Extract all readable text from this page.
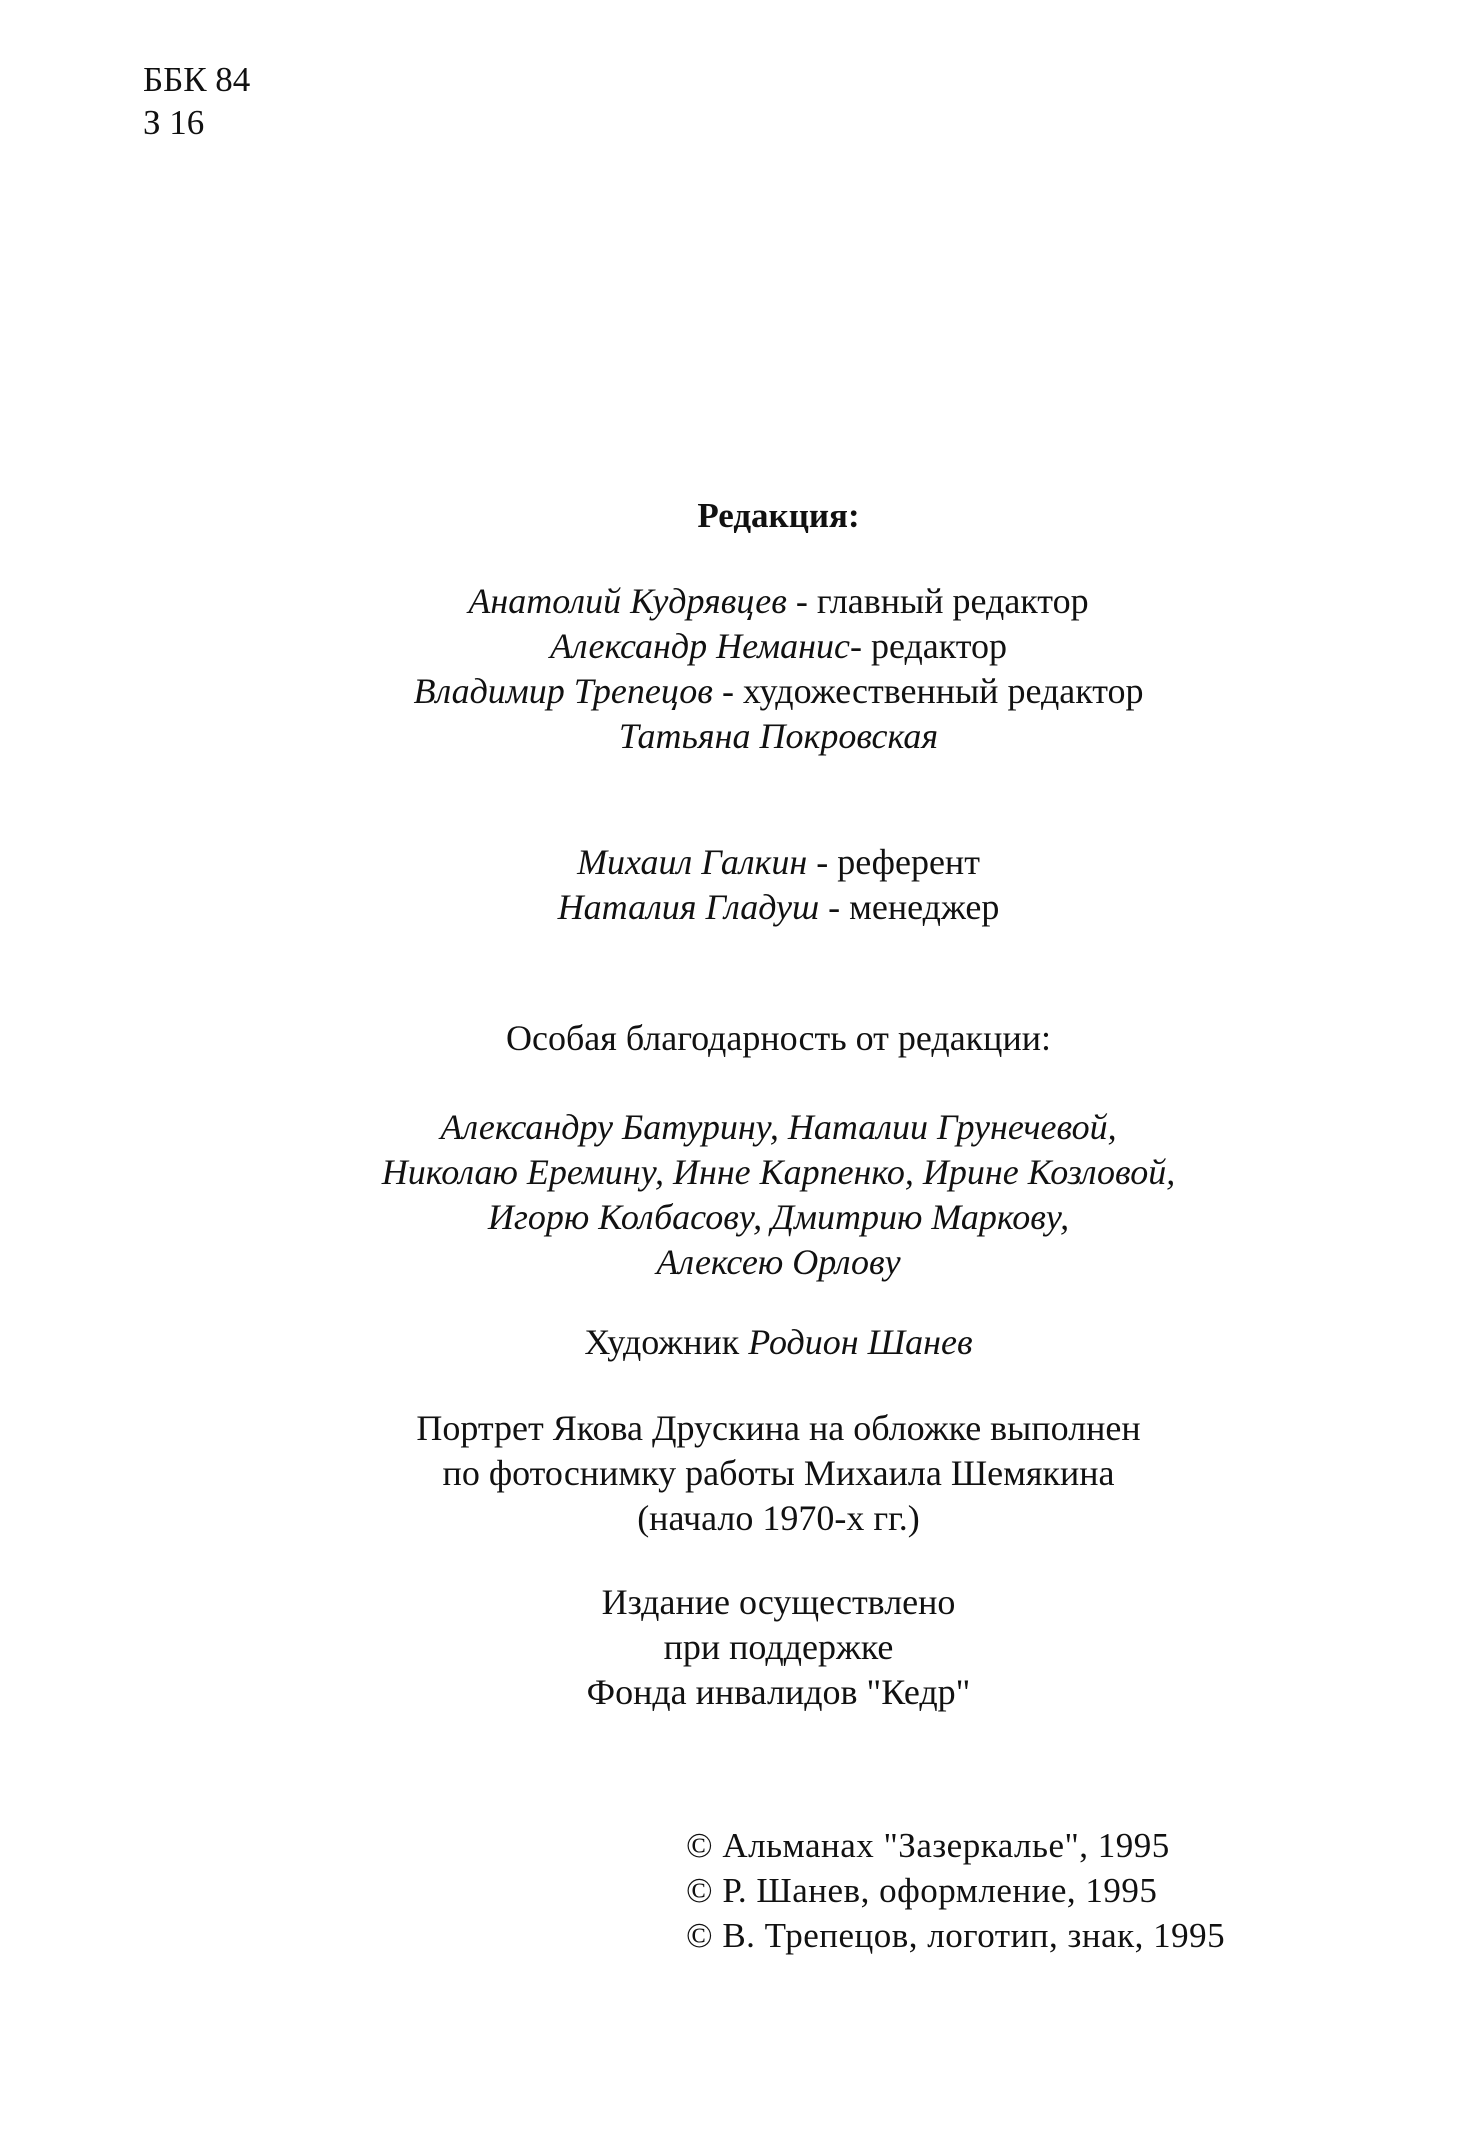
ББК 84
З 16
Редакция:
Анатолий Кудрявцев - главный редактор
Александр Неманис- редактор
Владимир Трепецов - художественный редактор
Татьяна Покровская
Михаил Галкин - референт
Наталия Гладуш - менеджер
Особая благодарность от редакции:
Александру Батурину, Наталии Грунечевой,
Николаю Еремину, Инне Карпенко, Ирине Козловой,
Игорю Колбасову, Дмитрию Маркову,
Алексею Орлову
Художник Родион Шанев
Портрет Якова Друскина на обложке выполнен
по фотоснимку работы Михаила Шемякина
(начало 1970-х гг.)
Издание осуществлено
при поддержке
Фонда инвалидов "Кедр"
© Альманах "Зазеркалье", 1995
© Р. Шанев, оформление, 1995
© В. Трепецов, логотип, знак, 1995
